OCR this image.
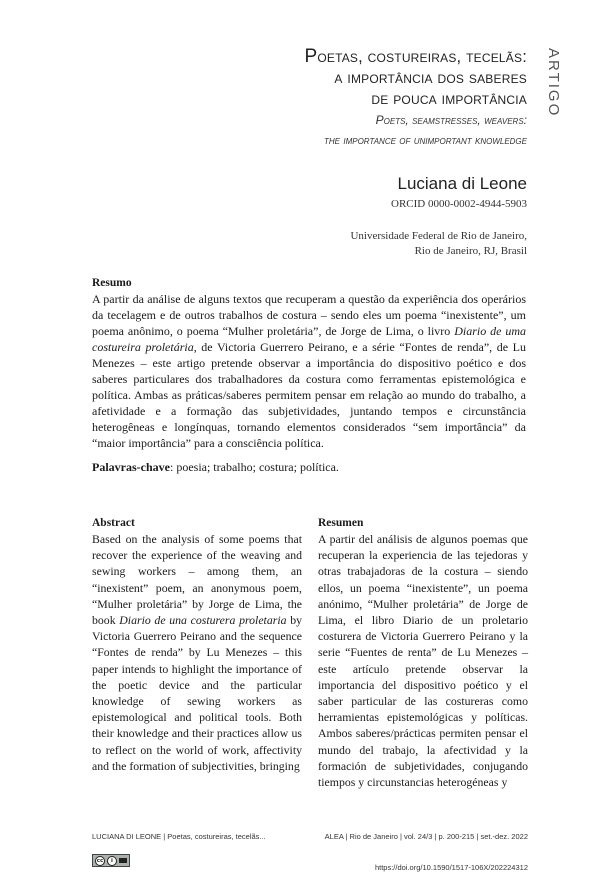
ARTIGO
Poetas, costureiras, tecelãs:
a importância dos saberes
de pouca importância
Poets, seamstresses, weavers:
the importance of unimportant knowledge
Luciana di Leone
ORCID 0000-0002-4944-5903
Universidade Federal de Rio de Janeiro,
Rio de Janeiro, RJ, Brasil
Resumo

A partir da análise de alguns textos que recuperam a questão da experiência dos operários da tecelagem e de outros trabalhos de costura – sendo eles um poema “inexistente”, um poema anônimo, o poema “Mulher proletária”, de Jorge de Lima, o livro Diario de uma costureira proletária, de Victoria Guerrero Peirano, e a série “Fontes de renda”, de Lu Menezes – este artigo pretende observar a importância do dispositivo poético e dos saberes particulares dos trabalhadores da costura como ferramentas epistemológica e política. Ambas as práticas/saberes permitem pensar em relação ao mundo do trabalho, a afetividade e a formação das subjetividades, juntando tempos e circunstância heterogêneas e longínquas, tornando elementos considerados “sem importância” da “maior importância” para a consciência política.

Palavras-chave: poesia; trabalho; costura; política.
Abstract

Based on the analysis of some poems that recover the experience of the weaving and sewing workers – among them, an “inexistent” poem, an anonymous poem, “Mulher proletária” by Jorge de Lima, the book Diario de una costurera proletaria by Victoria Guerrero Peirano and the sequence “Fontes de renda” by Lu Menezes – this paper intends to highlight the importance of the poetic device and the particular knowledge of sewing workers as epistemological and political tools. Both their knowledge and their practices allow us to reflect on the world of work, affectivity and the formation of subjectivities, bringing

Resumen

A partir del análisis de algunos poemas que recuperan la experiencia de las tejedoras y otras trabajadoras de la costura – siendo ellos, un poema “inexistente”, un poema anónimo, “Mulher proletária” de Jorge de Lima, el libro Diario de un proletario costurera de Victoria Guerrero Peirano y la serie “Fuentes de renta” de Lu Menezes – este artículo pretende observar la importancia del dispositivo poético y el saber particular de las costureras como herramientas epistemológicas y políticas. Ambos saberes/prácticas permiten pensar el mundo del trabajo, la afectividad y la formación de subjetividades, conjugando tiempos y circunstancias heterogéneas y

LUCIANA DI LEONE | Poetas, costureiras, tecelãs...	ALEA | Rio de Janeiro | vol. 24/3 | p. 200-215 | set.-dez. 2022
cc	i
https://doi.org/10.1590/1517-106X/202224312
